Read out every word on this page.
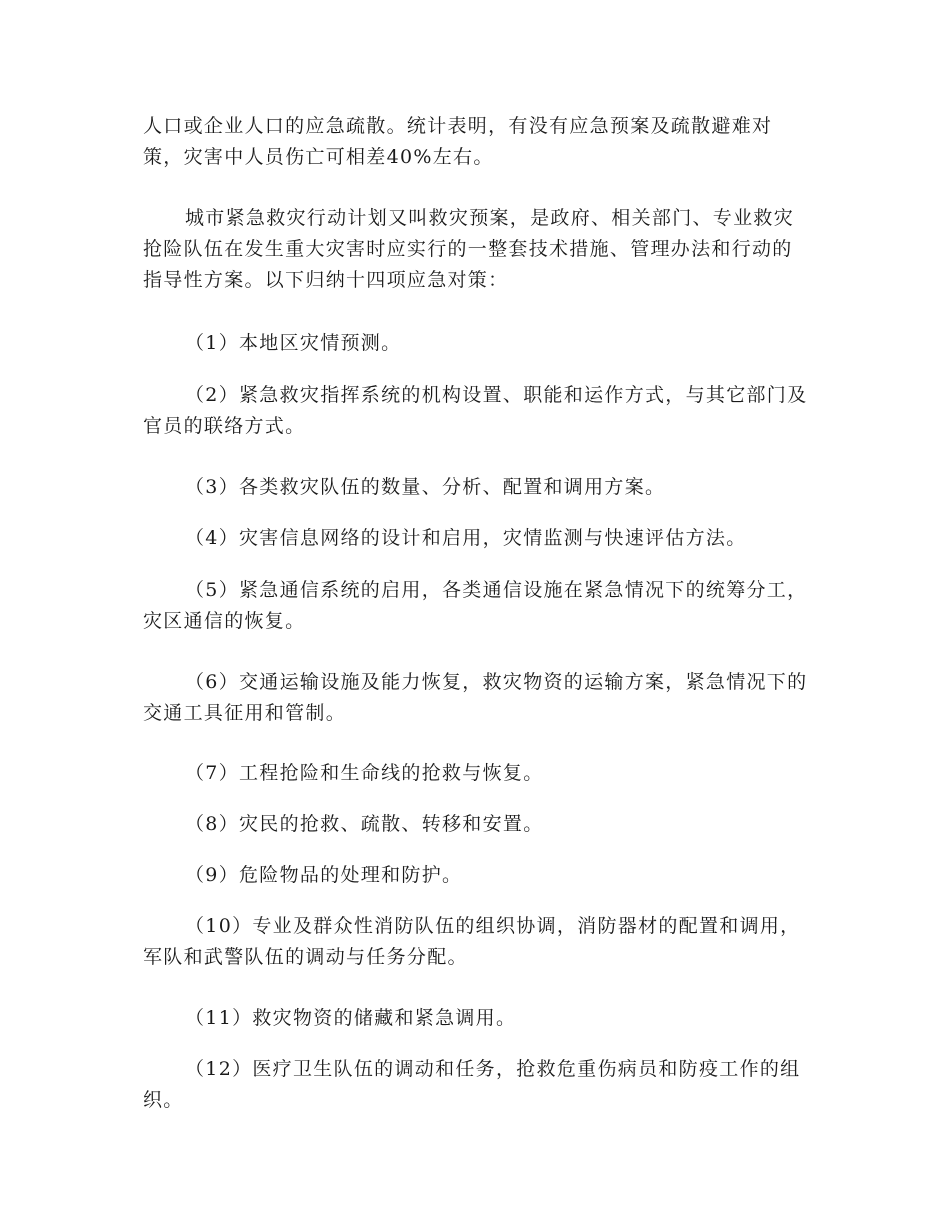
人口或企业人口的应急疏散。统计表明，有没有应急预案及疏散避难对策，灾害中人员伤亡可相差40%左右。

城市紧急救灾行动计划又叫救灾预案，是政府、相关部门、专业救灾抢险队伍在发生重大灾害时应实行的一整套技术措施、管理办法和行动的指导性方案。以下归纳十四项应急对策：

（1）本地区灾情预测。

（2）紧急救灾指挥系统的机构设置、职能和运作方式，与其它部门及官员的联络方式。

（3）各类救灾队伍的数量、分析、配置和调用方案。

（4）灾害信息网络的设计和启用，灾情监测与快速评估方法。

（5）紧急通信系统的启用，各类通信设施在紧急情况下的统筹分工，灾区通信的恢复。

（6）交通运输设施及能力恢复，救灾物资的运输方案，紧急情况下的交通工具征用和管制。

（7）工程抢险和生命线的抢救与恢复。

（8）灾民的抢救、疏散、转移和安置。

（9）危险物品的处理和防护。

（10）专业及群众性消防队伍的组织协调，消防器材的配置和调用，军队和武警队伍的调动与任务分配。

（11）救灾物资的储藏和紧急调用。

（12）医疗卫生队伍的调动和任务，抢救危重伤病员和防疫工作的组织。
